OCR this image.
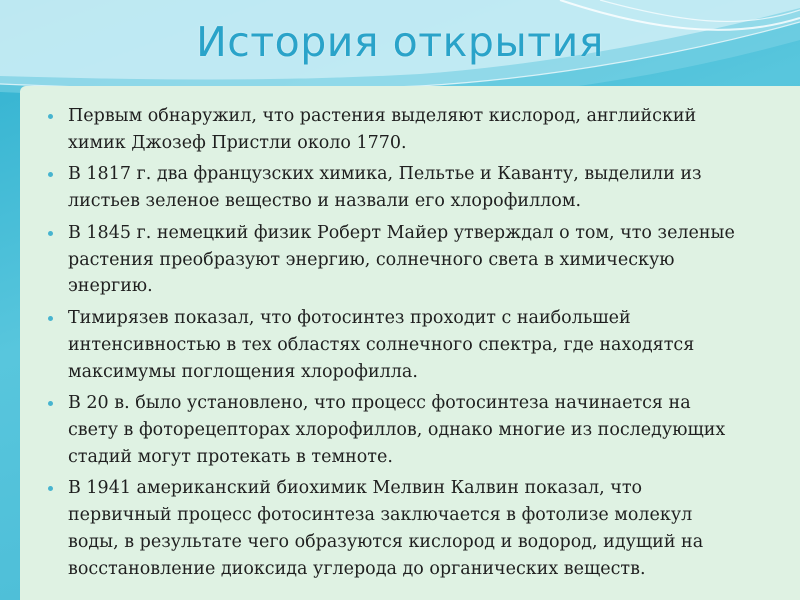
История открытия
Первым обнаружил, что растения выделяют кислород, английский химик Джозеф Пристли около 1770.
В 1817 г. два французских химика, Пельтье и Каванту, выделили из листьев зеленое вещество и назвали его хлорофиллом.
В 1845 г. немецкий физик Роберт Майер утверждал о том, что зеленые растения преобразуют энергию, солнечного света в химическую энергию.
Тимирязев показал, что фотосинтез проходит с наибольшей интенсивностью в тех областях солнечного спектра, где находятся максимумы поглощения хлорофилла.
В 20 в. было установлено, что процесс фотосинтеза начинается на свету в фоторецепторах хлорофиллов, однако многие из последующих стадий могут протекать в темноте.
В 1941 американский биохимик Мелвин Калвин показал, что первичный процесс фотосинтеза заключается в фотолизе молекул воды, в результате чего образуются кислород и водород, идущий на восстановление диоксида углерода до органических веществ.
